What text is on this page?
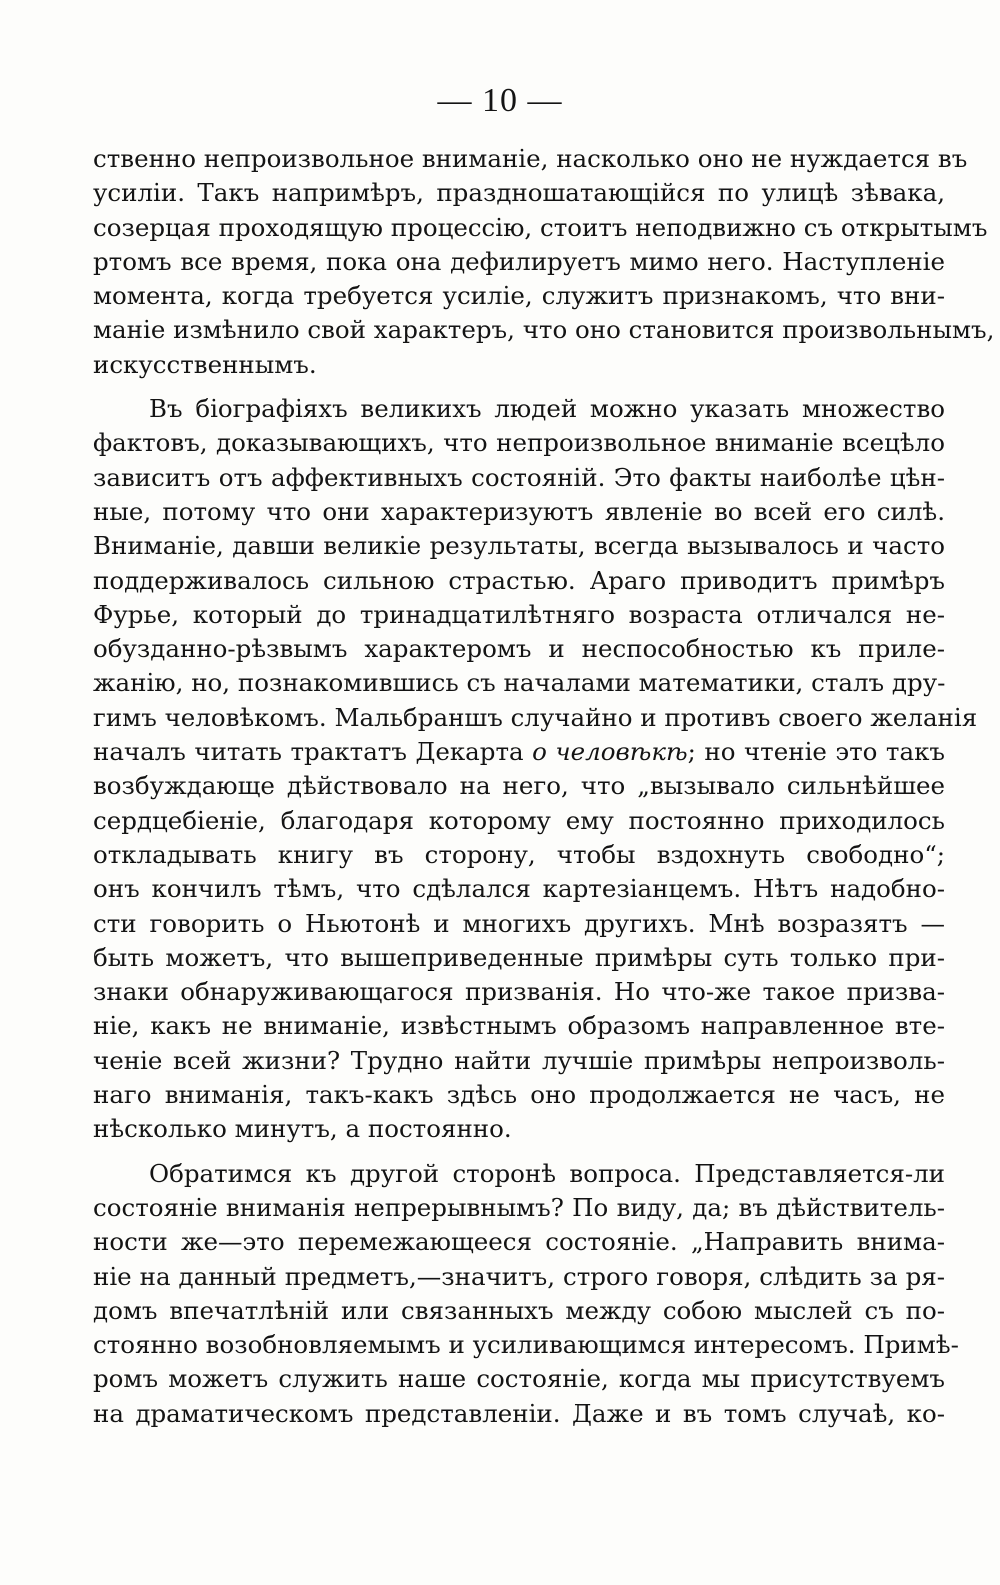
— 10 —
ственно непроизвольное вниманіе, насколько оно не нуждается въ
усиліи. Такъ напримѣръ, праздношатающійся по улицѣ зѣвака,
созерцая проходящую процессію, стоитъ неподвижно съ открытымъ
ртомъ все время, пока она дефилируетъ мимо него. Наступленіе
момента, когда требуется усиліе, служитъ признакомъ, что вни-
маніе измѣнило свой характеръ, что оно становится произвольнымъ,
искусственнымъ.
Въ біографіяхъ великихъ людей можно указать множество
фактовъ, доказывающихъ, что непроизвольное вниманіе всецѣло
зависитъ отъ аффективныхъ состояній. Это факты наиболѣе цѣн-
ные, потому что они характеризуютъ явленіе во всей его силѣ.
Вниманіе, давши великіе результаты, всегда вызывалось и часто
поддерживалось сильною страстью. Араго приводитъ примѣръ
Фурье, который до тринадцатилѣтняго возраста отличался не-
обузданно-рѣзвымъ характеромъ и неспособностью къ приле-
жанію, но, познакомившись съ началами математики, сталъ дру-
гимъ человѣкомъ. Мальбраншъ случайно и противъ своего желанія
началъ читать трактатъ Декарта о человѣкѣ; но чтеніе это такъ
возбуждающе дѣйствовало на него, что „вызывало сильнѣйшее
сердцебіеніе, благодаря которому ему постоянно приходилось
откладывать книгу въ сторону, чтобы вздохнуть свободно“;
онъ кончилъ тѣмъ, что сдѣлался картезіанцемъ. Нѣтъ надобно-
сти говорить о Ньютонѣ и многихъ другихъ. Мнѣ возразятъ —
быть можетъ, что вышеприведенные примѣры суть только при-
знаки обнаруживающагося призванія. Но что-же такое призва-
ніе, какъ не вниманіе, извѣстнымъ образомъ направленное вте-
ченіе всей жизни? Трудно найти лучшіе примѣры непроизволь-
наго вниманія, такъ-какъ здѣсь оно продолжается не часъ, не
нѣсколько минутъ, а постоянно.
Обратимся къ другой сторонѣ вопроса. Представляется-ли
состояніе вниманія непрерывнымъ? По виду, да; въ дѣйствитель-
ности же—это перемежающееся состояніе. „Направить внима-
ніе на данный предметъ,—значитъ, строго говоря, слѣдить за ря-
домъ впечатлѣній или связанныхъ между собою мыслей съ по-
стоянно возобновляемымъ и усиливающимся интересомъ. Примѣ-
ромъ можетъ служить наше состояніе, когда мы присутствуемъ
на драматическомъ представленіи. Даже и въ томъ случаѣ, ко-
